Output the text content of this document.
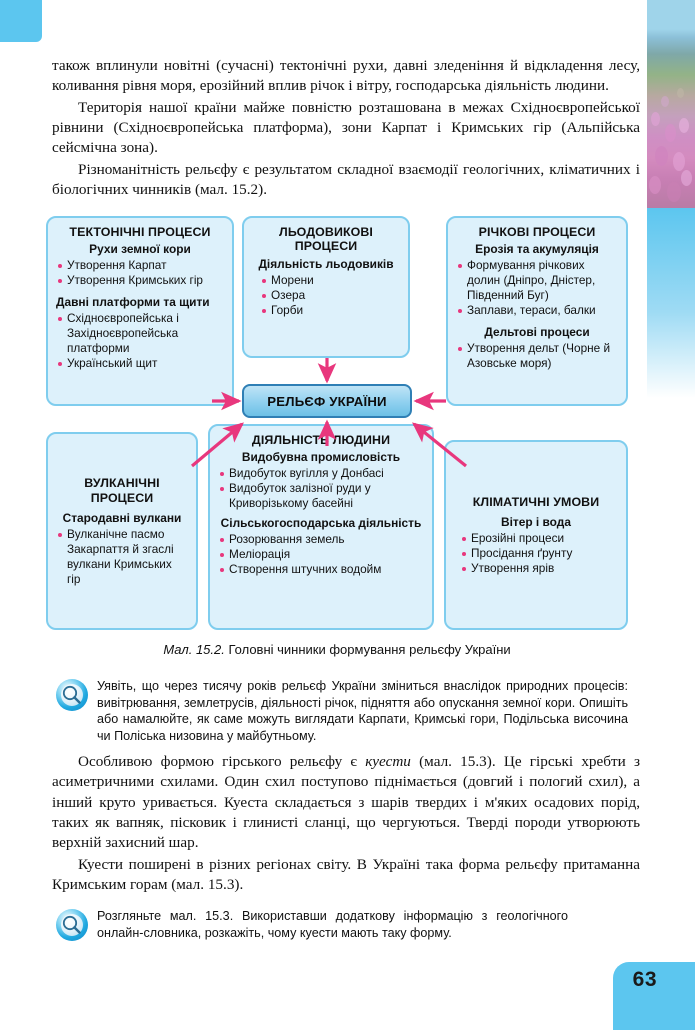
63

також вплинули новітні (сучасні) тектонічні рухи, давні зледеніння й відкладення лесу, коливання рівня моря, ерозійний вплив річок і вітру, господарська діяльність людини.

Територія нашої країни майже повністю розташована в межах Східноєвропейської рівнини (Східноєвропейська платформа), зони Карпат і Кримських гір (Альпійська сейсмічна зона).

Різноманітність рельєфу є результатом складної взаємодії геологічних, кліматичних і біологічних чинників (мал. 15.2).

ТЕКТОНІЧНІ ПРОЦЕСИ
Рухи земної кори
Утворення Карпат
Утворення Кримських гір
Давні платформи та щити
Східноєвропейська і Західноєвропейська платформи
Український щит
ЛЬОДОВИКОВІ ПРОЦЕСИ
Діяльність льодовиків
Морени
Озера
Горби
РІЧКОВІ ПРОЦЕСИ
Ерозія та акумуляція
Формування річкових долин (Дніпро, Дністер, Південний Буг)
Заплави, тераси, балки
Дельтові процеси
Утворення дельт (Чорне й Азовське моря)
РЕЛЬЄФ УКРАЇНИ
ВУЛКАНІЧНІ ПРОЦЕСИ
Стародавні вулкани
Вулканічне пасмо Закарпаття й згаслі вулкани Кримських гір
ДІЯЛЬНІСТЬ ЛЮДИНИ
Видобувна промисловість
Видобуток вугілля у Донбасі
Видобуток залізної руди у Криворізькому басейні
Сільськогосподарська діяльність
Розорювання земель
Меліорація
Створення штучних водойм
КЛІМАТИЧНІ УМОВИ
Вітер і вода
Ерозійні процеси
Просідання ґрунту
Утворення ярів
Мал. 15.2. Головні чинники формування рельєфу України
Уявіть, що через тисячу років рельєф України зміниться внаслідок природних процесів: вивітрювання, землетрусів, діяльності річок, підняття або опускання земної кори. Опишіть або намалюйте, як саме можуть виглядати Карпати, Кримські гори, Подільська височина чи Поліська низовина у майбутньому.

Особливою формою гірського рельєфу є куести (мал. 15.3). Це гірські хребти з асиметричними схилами. Один схил поступово піднімається (довгий і пологий схил), а інший круто уривається. Куеста складається з шарів твердих і м'яких осадових порід, таких як вапняк, пісковик і глинисті сланці, що чергуються. Тверді породи утворюють верхній захисний шар.

Куести поширені в різних регіонах світу. В Україні така форма рельєфу притаманна Кримським горам (мал. 15.3).

Розгляньте мал. 15.3. Використавши додаткову інформацію з геологічного онлайн-словника, розкажіть, чому куести мають таку форму.
